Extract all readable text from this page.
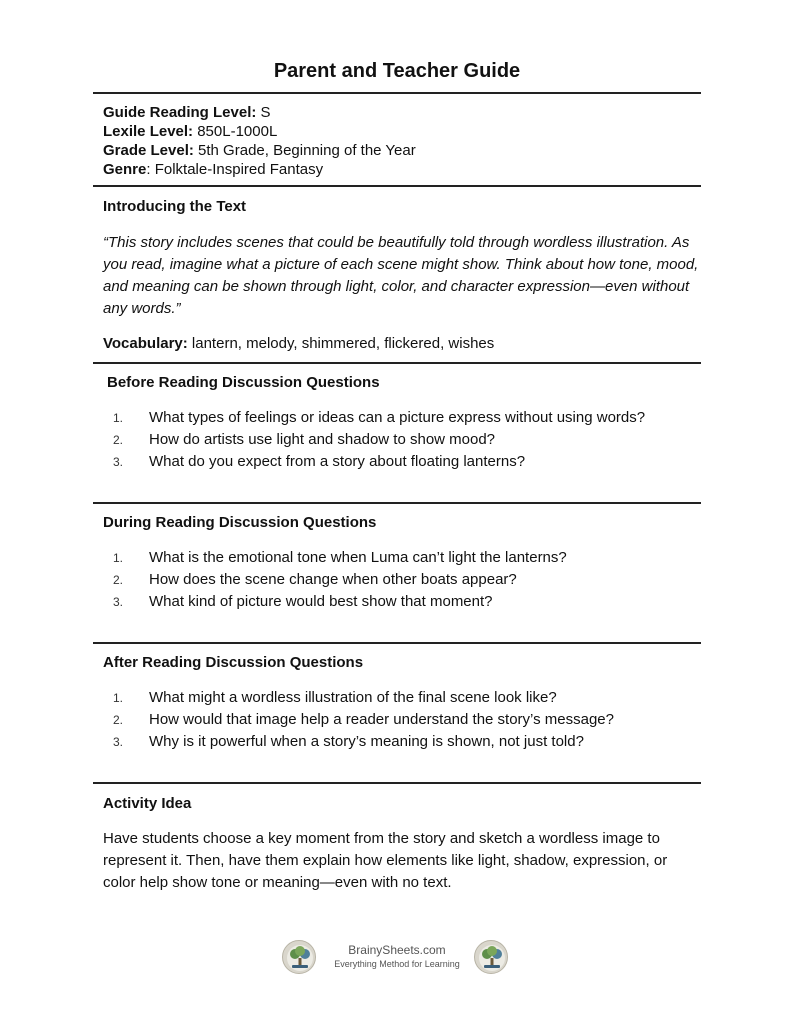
Parent and Teacher Guide
Guide Reading Level: S
Lexile Level: 850L-1000L
Grade Level: 5th Grade, Beginning of the Year
Genre: Folktale-Inspired Fantasy
Introducing the Text
“This story includes scenes that could be beautifully told through wordless illustration. As you read, imagine what a picture of each scene might show. Think about how tone, mood, and meaning can be shown through light, color, and character expression—even without any words.”
Vocabulary: lantern, melody, shimmered, flickered, wishes
Before Reading Discussion Questions
1.	What types of feelings or ideas can a picture express without using words?
2.	How do artists use light and shadow to show mood?
3.	What do you expect from a story about floating lanterns?
During Reading Discussion Questions
1.	What is the emotional tone when Luma can’t light the lanterns?
2.	How does the scene change when other boats appear?
3.	What kind of picture would best show that moment?
After Reading Discussion Questions
1.	What might a wordless illustration of the final scene look like?
2.	How would that image help a reader understand the story’s message?
3.	Why is it powerful when a story’s meaning is shown, not just told?
Activity Idea
Have students choose a key moment from the story and sketch a wordless image to represent it. Then, have them explain how elements like light, shadow, expression, or color help show tone or meaning—even with no text.
BrainySheets.com
Everything Method for Learning
